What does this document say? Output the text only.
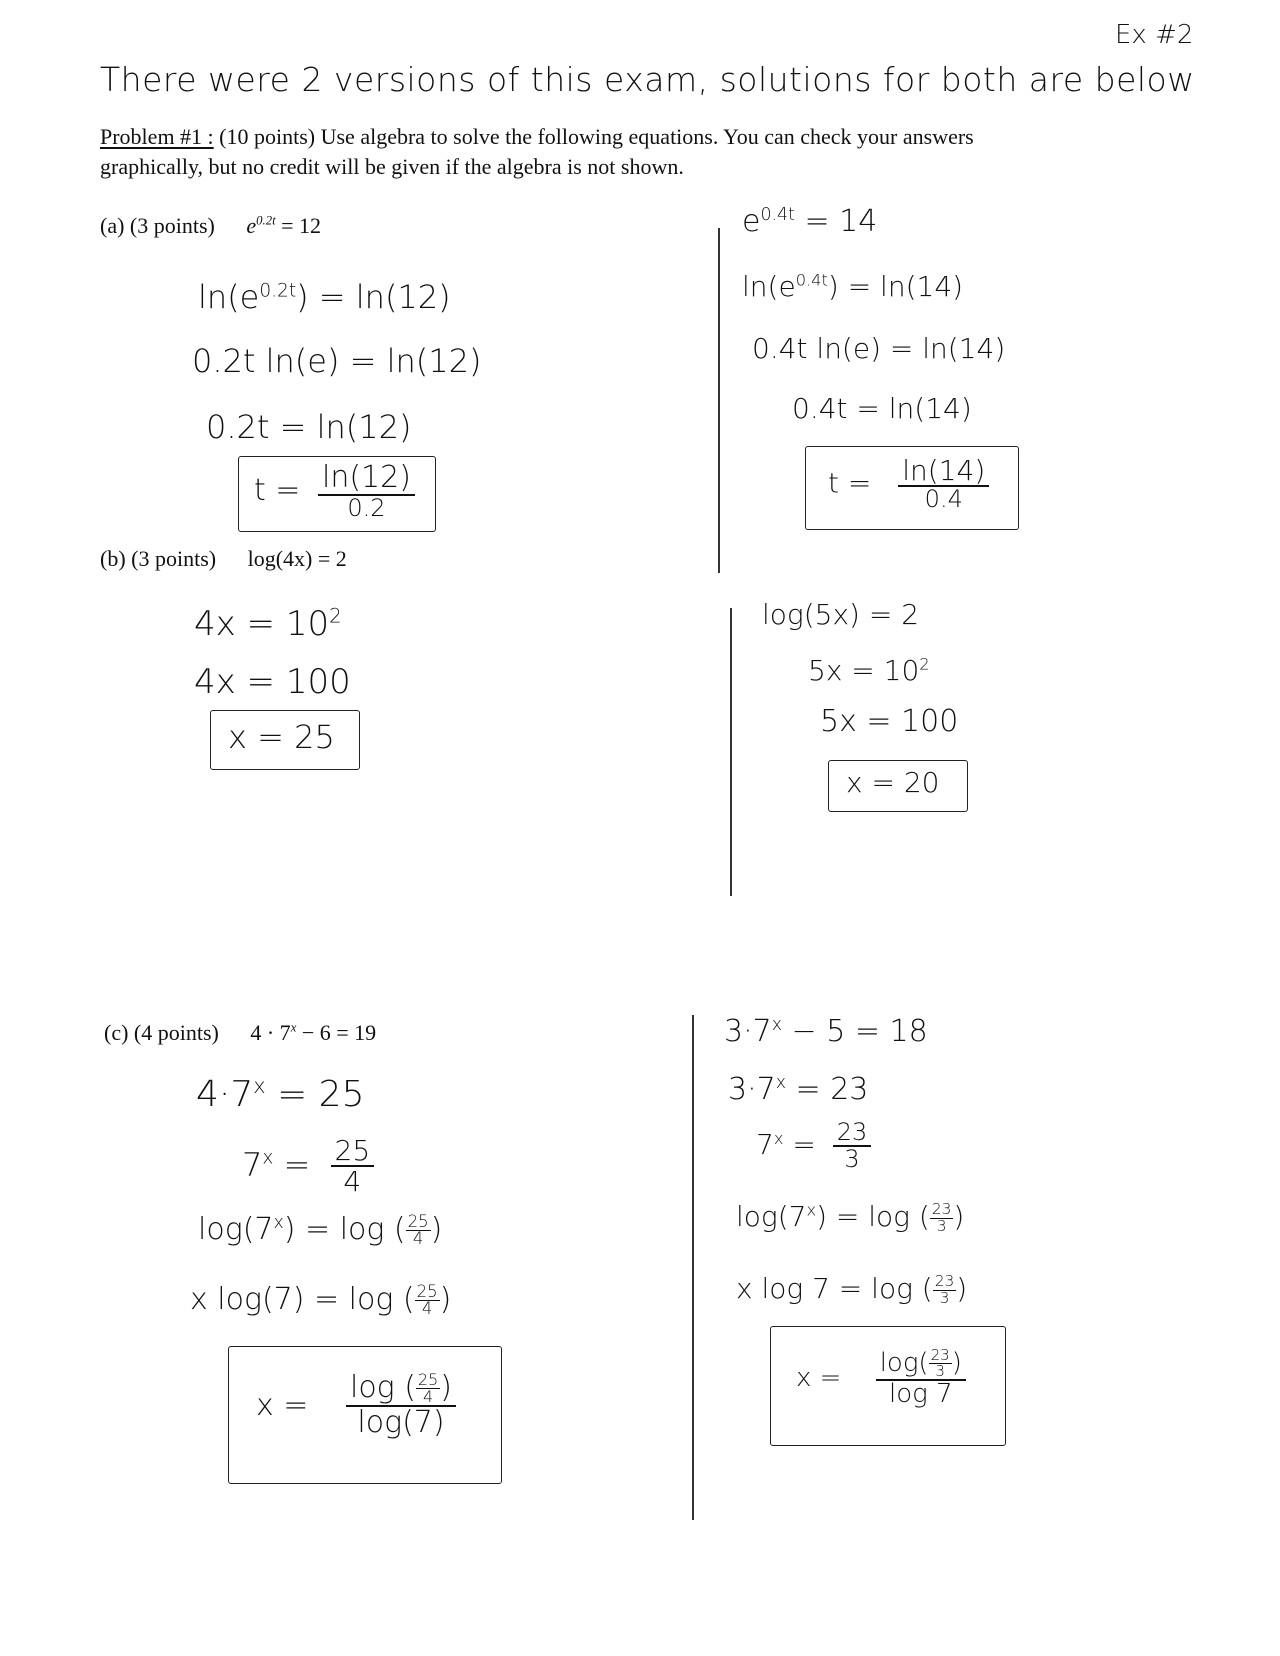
Ex #2
There were 2 versions of this exam, solutions for both are below
Problem #1 : (10 points) Use algebra to solve the following equations. You can check your answers
graphically, but no credit will be given if the algebra is not shown.
(a) (3 points) $e^{0.2t} = 12$
$\ln(e^{0.2t}) = \ln(12)$
0.2t ln(e) = ln(12)
0.2t = ln(12)
$t = \frac{\ln(12)}{0.2}$
$e^{0.4t} = 14$
$\ln(e^{0.4t}) = \ln(14)$
0.4t ln(e) = ln(14)
0.4t = ln(14)
$t = \frac{\ln(14)}{0.4}$
(b) (3 points) log(4x) = 2
$4x = 10^2$
4x = 100
x = 25
log(5x) = 2
$5x = 10^2$
5x = 100
x = 20
(c) (4 points) $4 \cdot 7^x - 6 = 19$
$4\cdot 7^x = 25$
$7^x = \frac{25}{4}$
$\log(7^x) = \log$ ( $\frac{25}{4}$ )
x log(7) = log ( $\frac{25}{4}$ )
$x = \frac{\log ( \frac{25}{4} )}{\log(7)}$
$3\cdot 7^x - 5 = 18$
$3\cdot 7^x = 23$
$7^x = \frac{23}{3}$
$\log(7^x) = \log$ ( $\frac{23}{3}$ )
x log 7 = log ( $\frac{23}{3}$ )
$x = \frac{\log( \frac{23}{3} )}{\log 7}$
